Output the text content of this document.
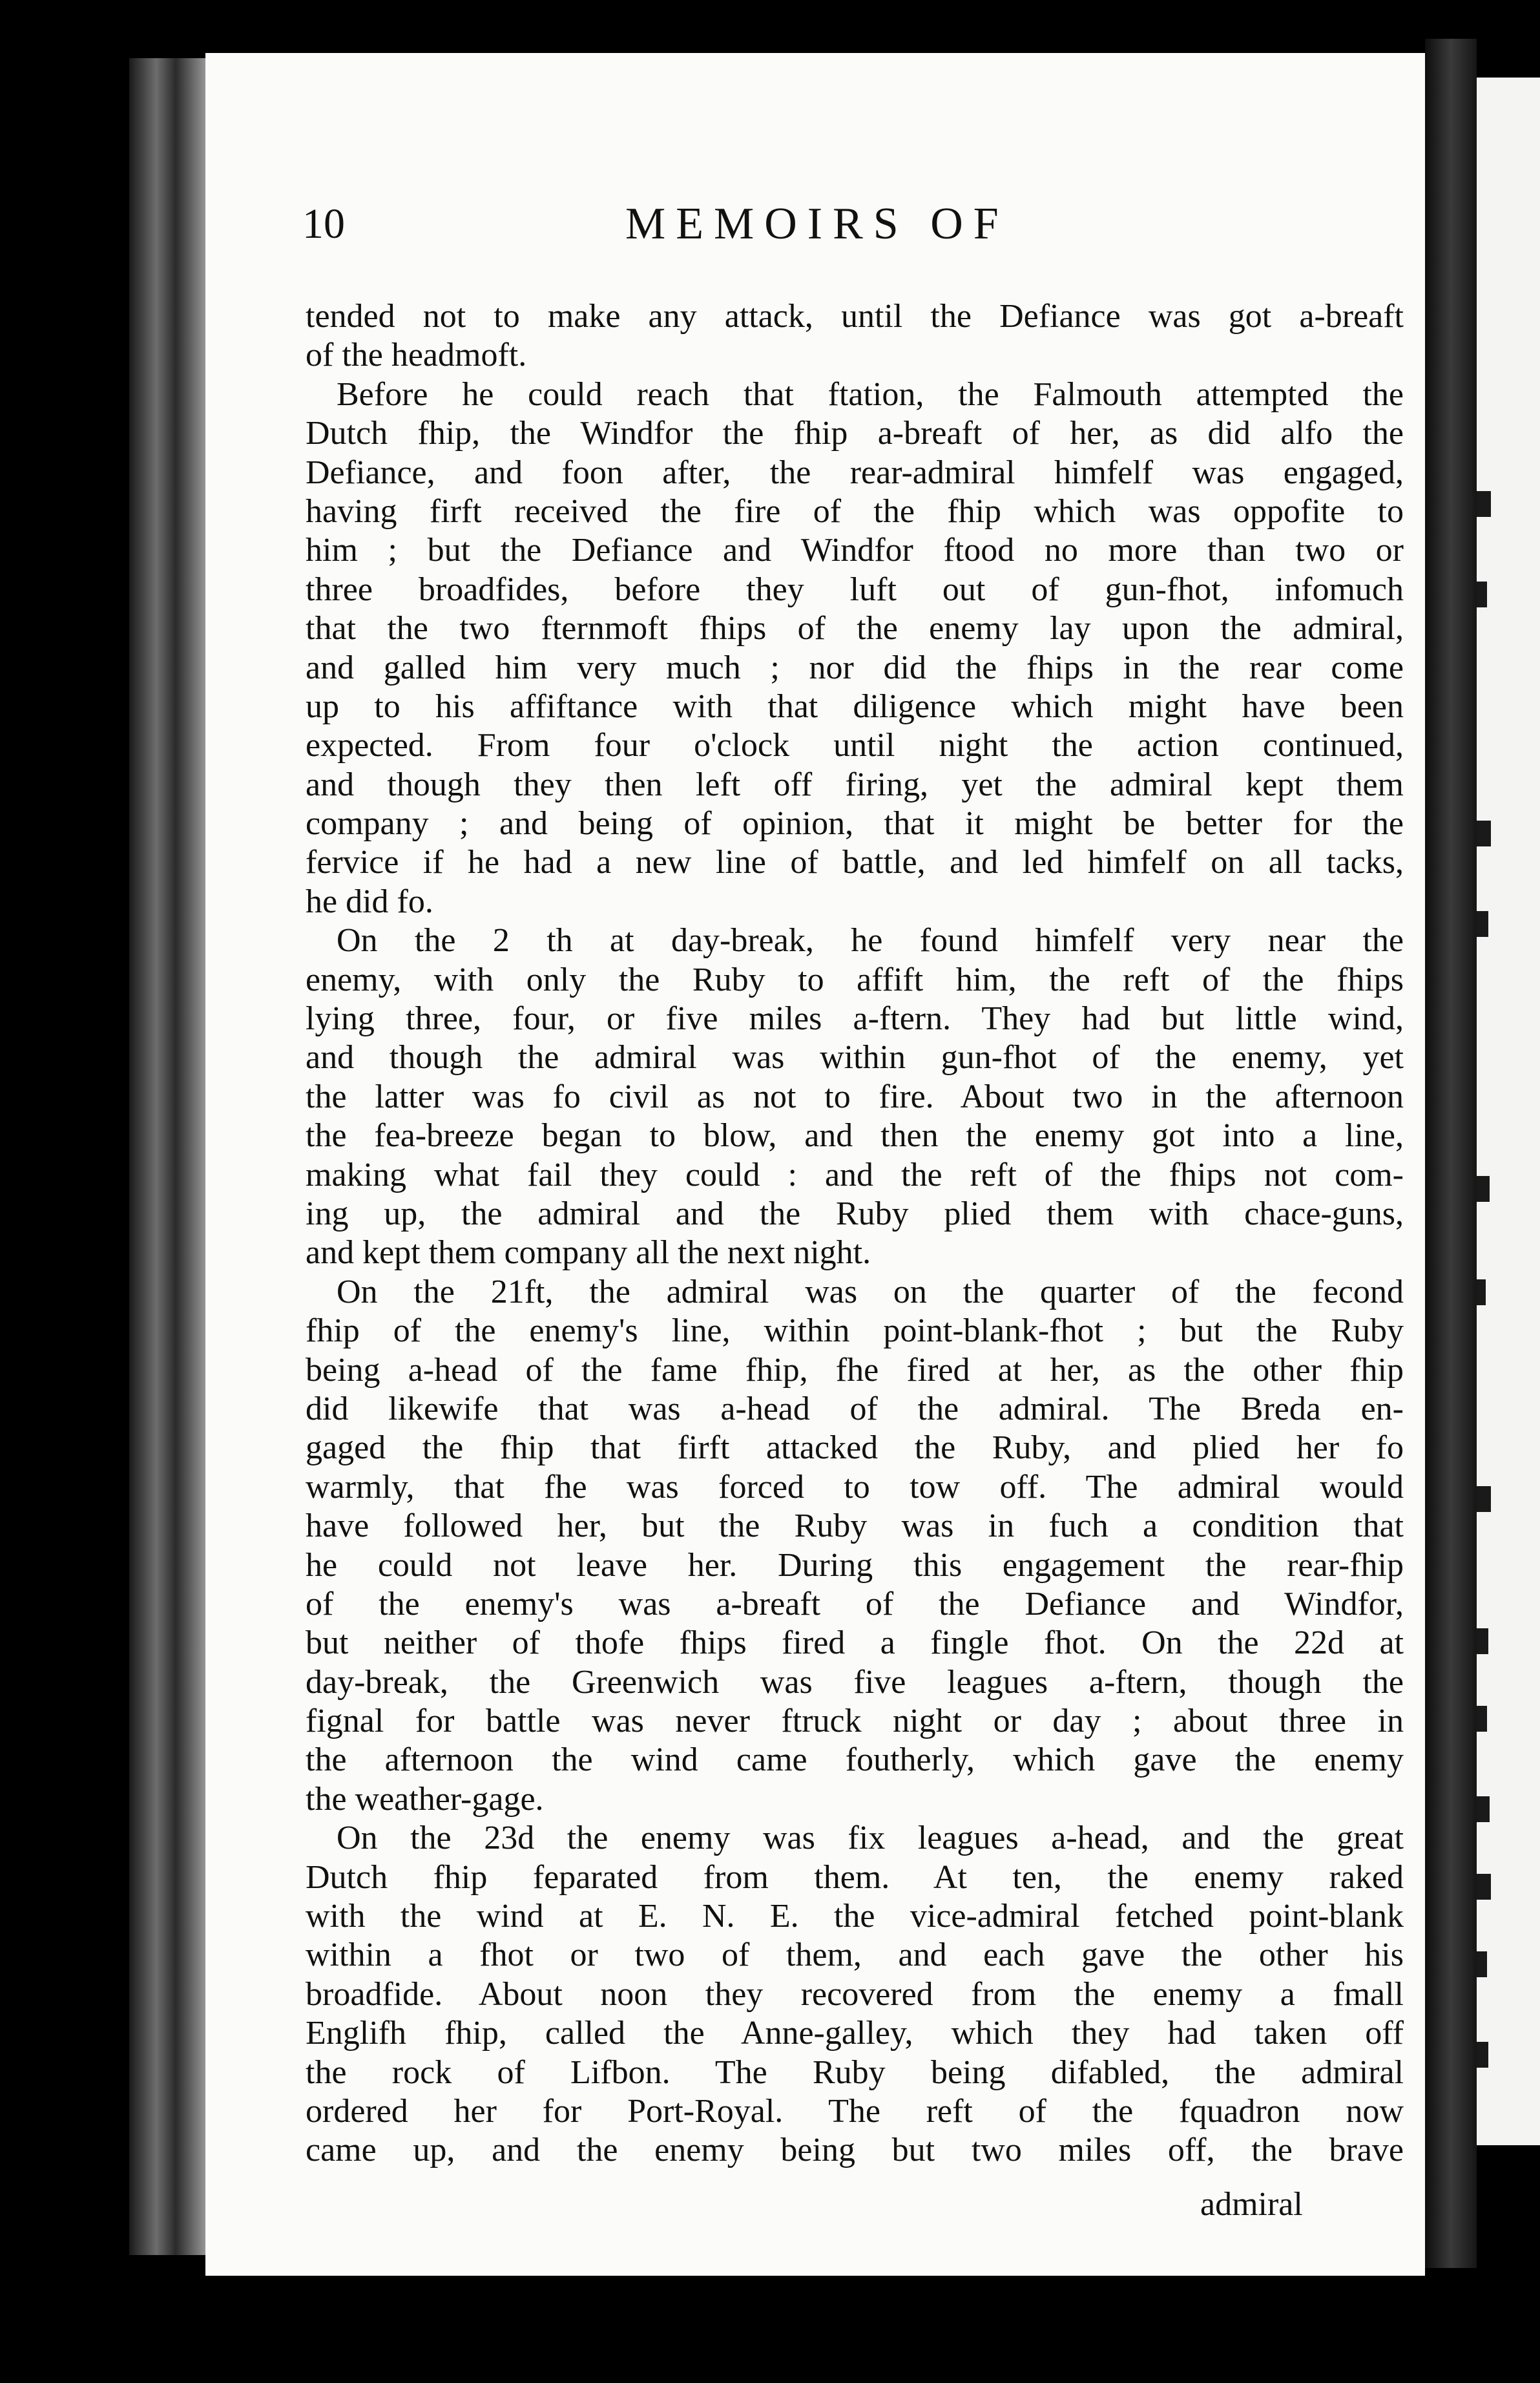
10	MEMOIRS OF
tended not to make any attack, until the Defiance was got a-breaft
of the headmoft.
Before he could reach that ftation, the Falmouth attempted the
Dutch fhip, the Windfor the fhip a-breaft of her, as did alfo the
Defiance, and foon after, the rear-admiral himfelf was engaged,
having firft received the fire of the fhip which was oppofite to
him ; but the Defiance and Windfor ftood no more than two or
three broadfides, before they luft out of gun-fhot, infomuch
that the two fternmoft fhips of the enemy lay upon the admiral,
and galled him very much ; nor did the fhips in the rear come
up to his affiftance with that diligence which might have been
expected. From four o'clock until night the action continued,
and though they then left off firing, yet the admiral kept them
company ; and being of opinion, that it might be better for the
fervice if he had a new line of battle, and led himfelf on all tacks,
he did fo.
On the 2 th at day-break, he found himfelf very near the
enemy, with only the Ruby to affift him, the reft of the fhips
lying three, four, or five miles a-ftern. They had but little wind,
and though the admiral was within gun-fhot of the enemy, yet
the latter was fo civil as not to fire. About two in the afternoon
the fea-breeze began to blow, and then the enemy got into a line,
making what fail they could : and the reft of the fhips not com-
ing up, the admiral and the Ruby plied them with chace-guns,
and kept them company all the next night.
On the 21ft, the admiral was on the quarter of the fecond
fhip of the enemy's line, within point-blank-fhot ; but the Ruby
being a-head of the fame fhip, fhe fired at her, as the other fhip
did likewife that was a-head of the admiral. The Breda en-
gaged the fhip that firft attacked the Ruby, and plied her fo
warmly, that fhe was forced to tow off. The admiral would
have followed her, but the Ruby was in fuch a condition that
he could not leave her. During this engagement the rear-fhip
of the enemy's was a-breaft of the Defiance and Windfor,
but neither of thofe fhips fired a fingle fhot. On the 22d at
day-break, the Greenwich was five leagues a-ftern, though the
fignal for battle was never ftruck night or day ; about three in
the afternoon the wind came foutherly, which gave the enemy
the weather-gage.
On the 23d the enemy was fix leagues a-head, and the great
Dutch fhip feparated from them. At ten, the enemy raked
with the wind at E. N. E. the vice-admiral fetched point-blank
within a fhot or two of them, and each gave the other his
broadfide. About noon they recovered from the enemy a fmall
Englifh fhip, called the Anne-galley, which they had taken off
the rock of Lifbon. The Ruby being difabled, the admiral
ordered her for Port-Royal. The reft of the fquadron now
came up, and the enemy being but two miles off, the brave
admiral
